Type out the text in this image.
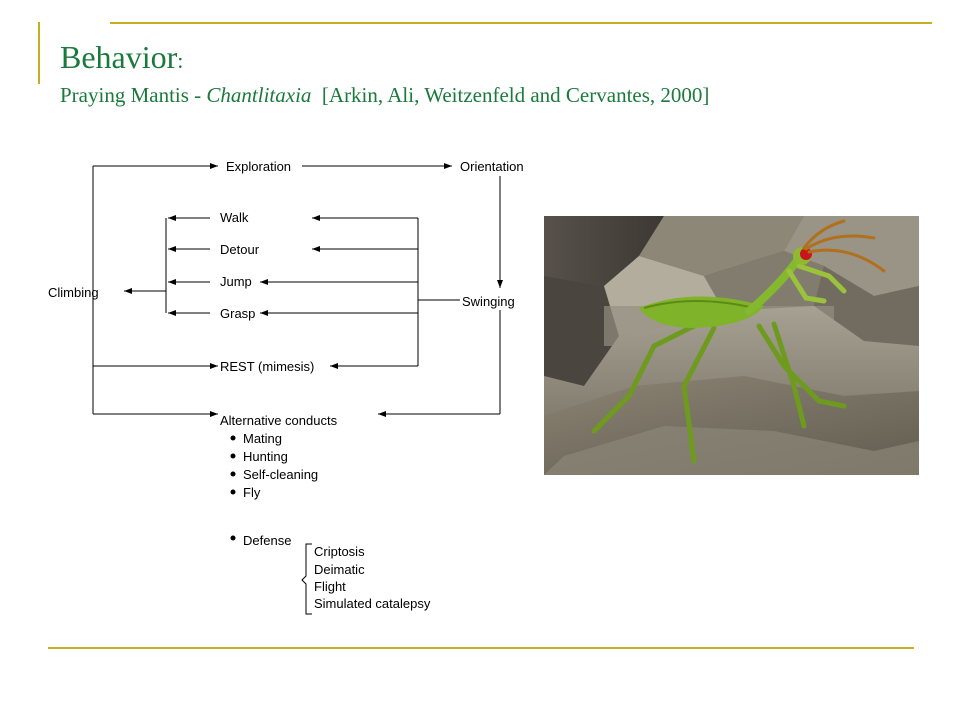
Behavior:
Praying Mantis - Chantlitaxia  [Arkin, Ali, Weitzenfeld and Cervantes, 2000]
Exploration	Orientation
Climbing
Swinging
Walk
Detour
Jump
Grasp
REST (mimesis)
Alternative conducts
Mating
Hunting
Self-cleaning
Fly
Defense
Criptosis
Deimatic
Flight
Simulated catalepsy
